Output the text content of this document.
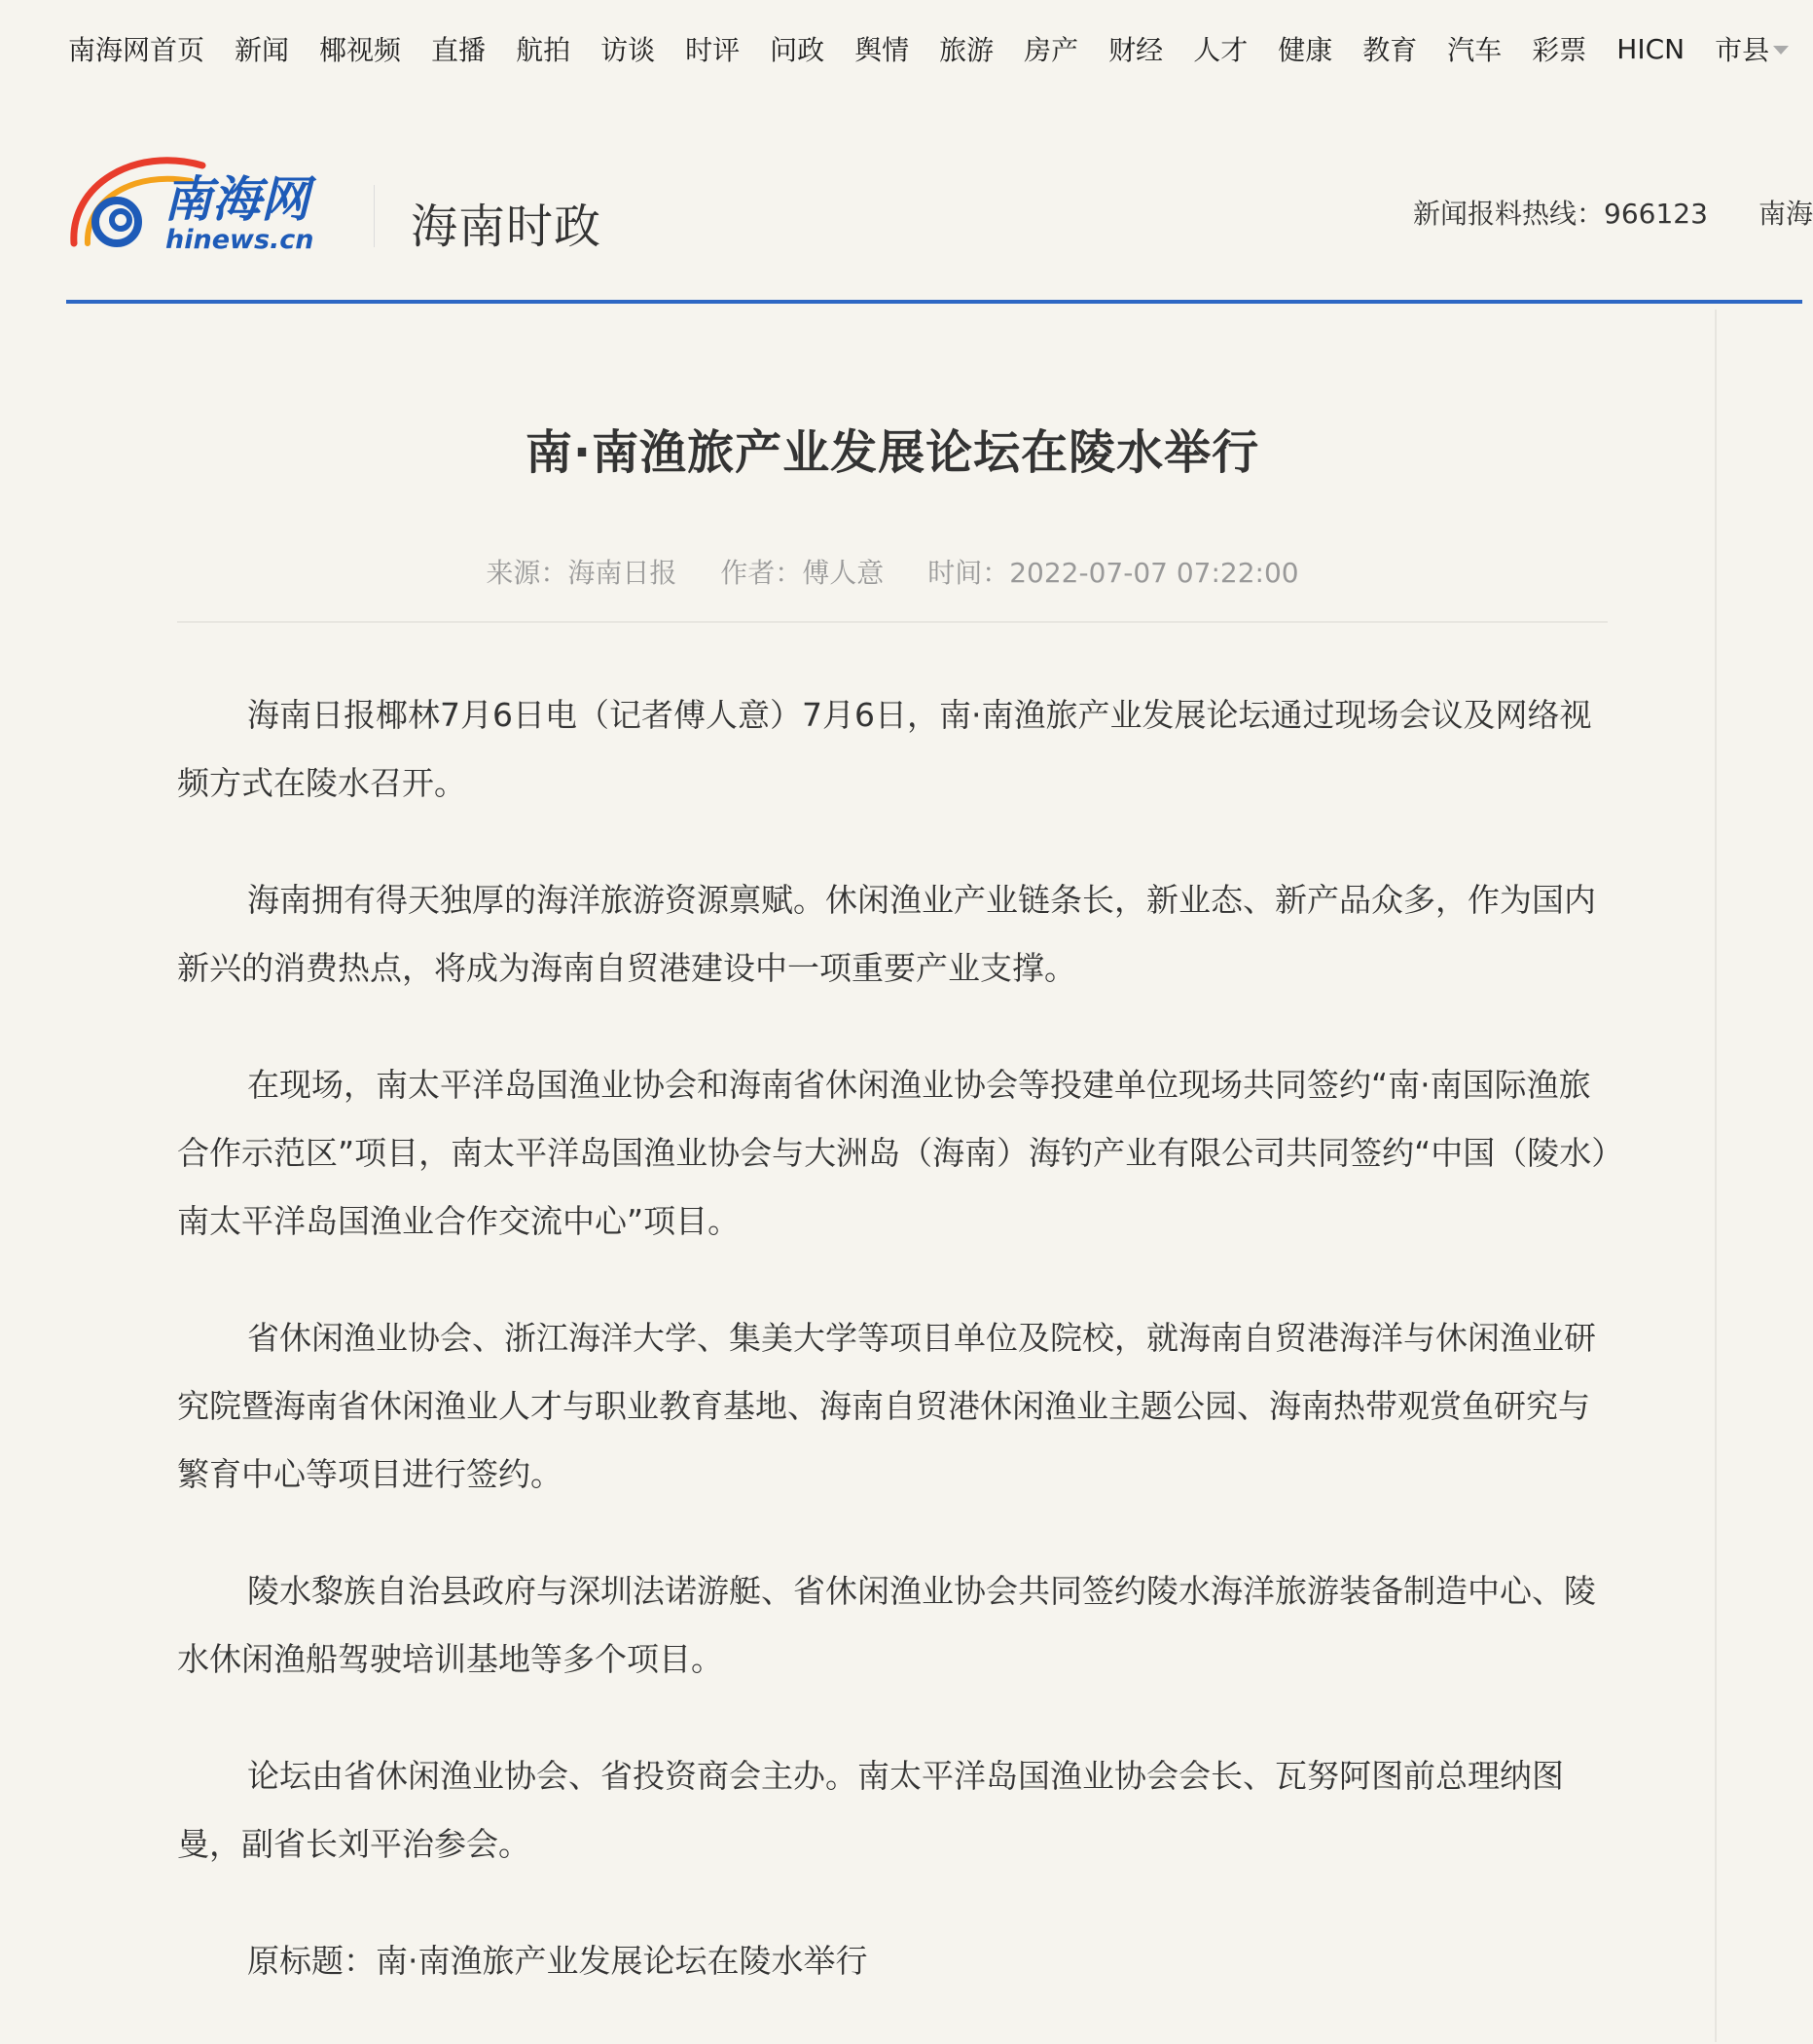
南海网首页 新闻 椰视频 直播 航拍 访谈 时评 问政 舆情 旅游 房产 财经 人才 健康 教育 汽车 彩票 HICN 市县
南海网
hinews.cn 海南时政	新闻报料热线：966123 南海
南·南渔旅产业发展论坛在陵水举行
来源：海南日报 作者：傅人意 时间：2022-07-07 07:22:00

海南日报椰林7月6日电（记者傅人意）7月6日，南·南渔旅产业发展论坛通过现场会议及网络视频方式在陵水召开。

海南拥有得天独厚的海洋旅游资源禀赋。休闲渔业产业链条长，新业态、新产品众多，作为国内新兴的消费热点，将成为海南自贸港建设中一项重要产业支撑。

在现场，南太平洋岛国渔业协会和海南省休闲渔业协会等投建单位现场共同签约“南·南国际渔旅合作示范区”项目，南太平洋岛国渔业协会与大洲岛（海南）海钓产业有限公司共同签约“中国（陵水）南太平洋岛国渔业合作交流中心”项目。

省休闲渔业协会、浙江海洋大学、集美大学等项目单位及院校，就海南自贸港海洋与休闲渔业研究院暨海南省休闲渔业人才与职业教育基地、海南自贸港休闲渔业主题公园、海南热带观赏鱼研究与繁育中心等项目进行签约。

陵水黎族自治县政府与深圳法诺游艇、省休闲渔业协会共同签约陵水海洋旅游装备制造中心、陵水休闲渔船驾驶培训基地等多个项目。

论坛由省休闲渔业协会、省投资商会主办。南太平洋岛国渔业协会会长、瓦努阿图前总理纳图曼，副省长刘平治参会。

原标题：南·南渔旅产业发展论坛在陵水举行
